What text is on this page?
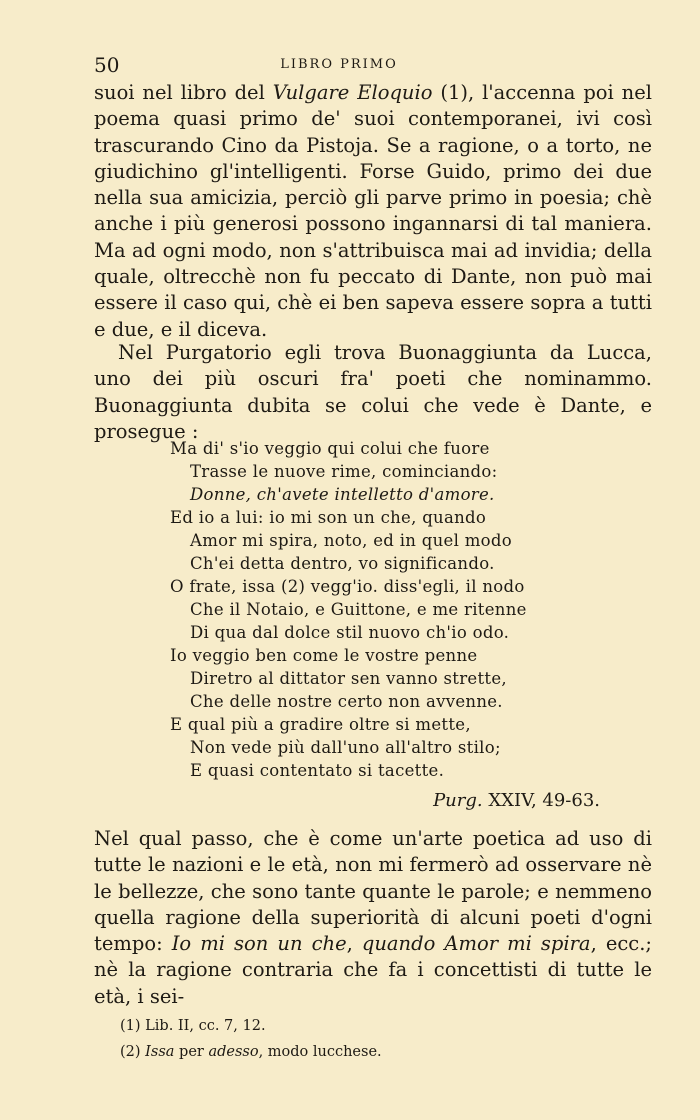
50	LIBRO PRIMO
suoi nel libro del Vulgare Eloquio (1), l'accenna poi nel poema quasi primo de' suoi contemporanei, ivi così trascurando Cino da Pistoja. Se a ragione, o a torto, ne giudichino gl'intelligenti. Forse Guido, primo dei due nella sua amicizia, perciò gli parve primo in poesia; chè anche i più generosi possono ingannarsi di tal maniera. Ma ad ogni modo, non s'attribuisca mai ad invidia; della quale, oltrecchè non fu peccato di Dante, non può mai essere il caso qui, chè ei ben sapeva essere sopra a tutti e due, e il diceva.
Nel Purgatorio egli trova Buonaggiunta da Lucca, uno dei più oscuri fra' poeti che nominammo. Buonaggiunta dubita se colui che vede è Dante, e prosegue :
Ma di' s'io veggio qui colui che fuore
Trasse le nuove rime, cominciando:
Donne, ch'avete intelletto d'amore.
Ed io a lui: io mi son un che, quando
Amor mi spira, noto, ed in quel modo
Ch'ei detta dentro, vo significando.
O frate, issa (2) vegg'io. diss'egli, il nodo
Che il Notaio, e Guittone, e me ritenne
Di qua dal dolce stil nuovo ch'io odo.
Io veggio ben come le vostre penne
Diretro al dittator sen vanno strette,
Che delle nostre certo non avvenne.
E qual più a gradire oltre si mette,
Non vede più dall'uno all'altro stilo;
E quasi contentato si tacette.
Purg. XXIV, 49-63.
Nel qual passo, che è come un'arte poetica ad uso di tutte le nazioni e le età, non mi fermerò ad osservare nè le bellezze, che sono tante quante le parole; e nemmeno quella ragione della superiorità di alcuni poeti d'ogni tempo: Io mi son un che, quando Amor mi spira, ecc.; nè la ragione contraria che fa i concettisti di tutte le età, i sei-
(1) Lib. II, cc. 7, 12.
(2) Issa per adesso, modo lucchese.
